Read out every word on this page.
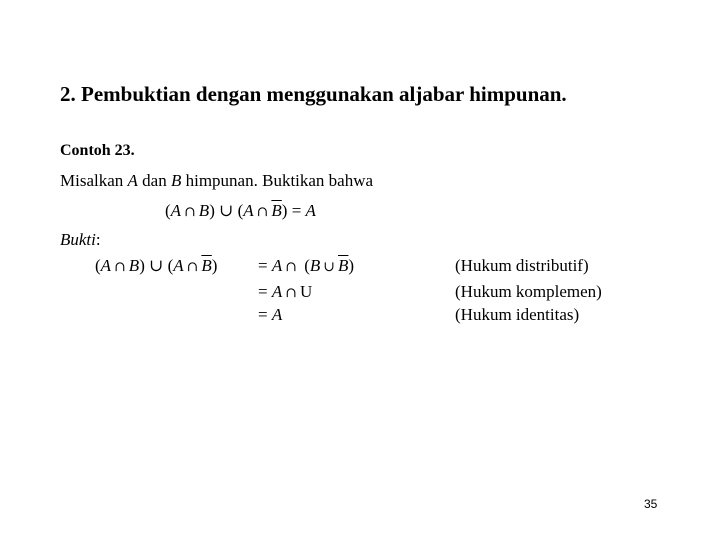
2. Pembuktian dengan menggunakan aljabar himpunan.
Contoh 23.
Misalkan A dan B himpunan. Buktikan bahwa
(A ∩ B) ∪ (A ∩ $\overline{B}) = A$
Bukti:
(A ∩ B) ∪ (A ∩ $\overline{B}) = A$ ∩ (B ∪ $\overline{B}$)	(Hukum distributif)
= A ∩ U	(Hukum komplemen)
= A	(Hukum identitas)
35
